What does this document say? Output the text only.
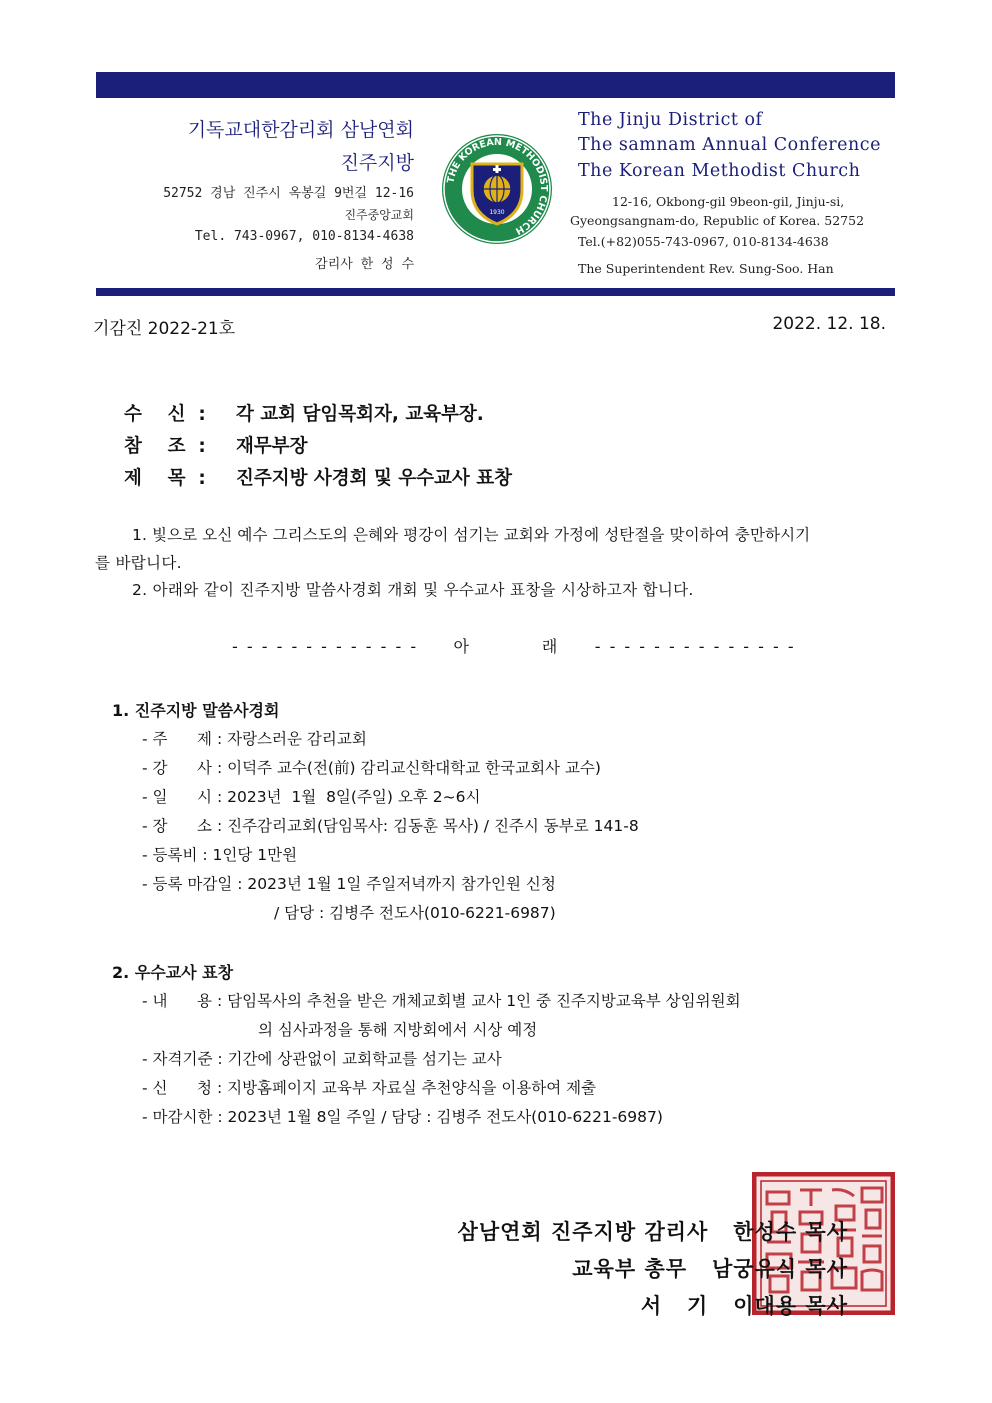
기독교대한감리회 삼남연회
진주지방
52752 경남 진주시 옥봉길 9번길 12-16
진주중앙교회
Tel. 743-0967, 010-8134-4638
감리사 한 성 수
1930
THE KOREAN METHODIST CHURCH
The Jinju District of
The samnam Annual Conference
The Korean Methodist Church
12-16, Okbong-gil 9beon-gil, Jinju-si,
Gyeongsangnam-do, Republic of Korea. 52752
Tel.(+82)055-743-0967, 010-8134-4638
The Superintendent Rev. Sung-Soo. Han
기감진 2022-21호	2022. 12. 18.
수    신  : 각 교회 담임목회자, 교육부장.
참    조  : 재무부장
제    목  : 진주지방 사경회 및 우수교사 표창
1. 빛으로 오신 예수 그리스도의 은혜와 평강이 섬기는 교회와 가정에 성탄절을 맞이하여 충만하시기
를 바랍니다.
2. 아래와 같이 진주지방 말씀사경회 개회 및 우수교사 표창을 시상하고자 합니다.
- - - - - - - - - - - - -     아          래     - - - - - - - - - - - - - -
1. 진주지방 말씀사경회
- 주      제 : 자랑스러운 감리교회
- 강      사 : 이덕주 교수(전(前) 감리교신학대학교 한국교회사 교수)
- 일      시 : 2023년  1월  8일(주일) 오후 2~6시
- 장      소 : 진주감리교회(담임목사: 김동훈 목사) / 진주시 동부로 141-8
- 등록비 : 1인당 1만원
- 등록 마감일 : 2023년 1월 1일 주일저녁까지 참가인원 신청
/ 담당 : 김병주 전도사(010-6221-6987)
2. 우수교사 표창
- 내      용 : 담임목사의 추천을 받은 개체교회별 교사 1인 중 진주지방교육부 상임위원회
의 심사과정을 통해 지방회에서 시상 예정
- 자격기준 : 기간에 상관없이 교회학교를 섬기는 교사
- 신      청 : 지방홈페이지 교육부 자료실 추천양식을 이용하여 제출
- 마감시한 : 2023년 1월 8일 주일 / 담당 : 김병주 전도사(010-6221-6987)
삼남연회 진주지방 감리사   한성수 목사
교육부 총무   남궁유식 목사
서   기   이대용 목사
